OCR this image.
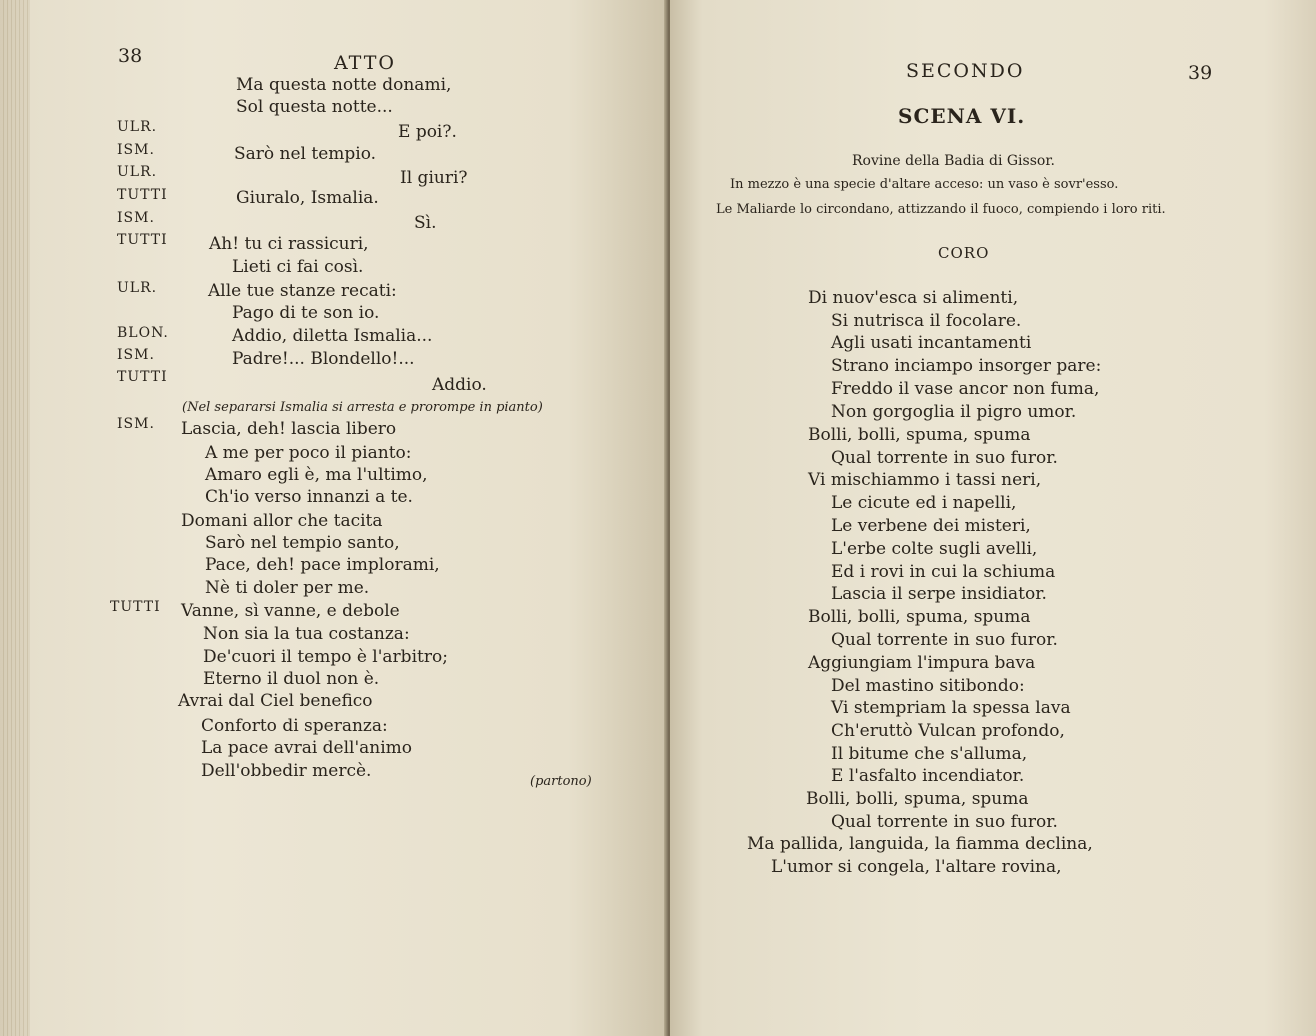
38	ATTO
ULR.
ISM.
ULR.
TUTTI
ISM.
TUTTI
ULR.
BLON.
ISM.
TUTTI
ISM.
TUTTI
Ma questa notte donami,
Sol questa notte...
E poi?.
Sarò nel tempio.
Il giuri?
Giuralo, Ismalia.
Sì.
Ah! tu ci rassicuri,
Lieti ci fai così.
Alle tue stanze recati:
Pago di te son io.
Addio, diletta Ismalia...
Padre!... Blondello!...
Addio.
(Nel separarsi Ismalia si arresta e prorompe in pianto)
Lascia, deh! lascia libero
A me per poco il pianto:
Amaro egli è, ma l'ultimo,
Ch'io verso innanzi a te.
Domani allor che tacita
Sarò nel tempio santo,
Pace, deh! pace implorami,
Nè ti doler per me.
Vanne, sì vanne, e debole
Non sia la tua costanza:
De'cuori il tempo è l'arbitro;
Eterno il duol non è.
Avrai dal Ciel benefico
Conforto di speranza:
La pace avrai dell'animo
Dell'obbedir mercè.
(partono)
SECONDO	39
SCENA VI.
Rovine della Badia di Gissor.
In mezzo è una specie d'altare acceso: un vaso è sovr'esso.
Le Maliarde lo circondano, attizzando il fuoco, compiendo i loro riti.
CORO
Di nuov'esca si alimenti,
Si nutrisca il focolare.
Agli usati incantamenti
Strano inciampo insorger pare:
Freddo il vase ancor non fuma,
Non gorgoglia il pigro umor.
Bolli, bolli, spuma, spuma
Qual torrente in suo furor.
Vi mischiammo i tassi neri,
Le cicute ed i napelli,
Le verbene dei misteri,
L'erbe colte sugli avelli,
Ed i rovi in cui la schiuma
Lascia il serpe insidiator.
Bolli, bolli, spuma, spuma
Qual torrente in suo furor.
Aggiungiam l'impura bava
Del mastino sitibondo:
Vi stempriam la spessa lava
Ch'eruttò Vulcan profondo,
Il bitume che s'alluma,
E l'asfalto incendiator.
Bolli, bolli, spuma, spuma
Qual torrente in suo furor.
Ma pallida, languida, la fiamma declina,
L'umor si congela, l'altare rovina,
